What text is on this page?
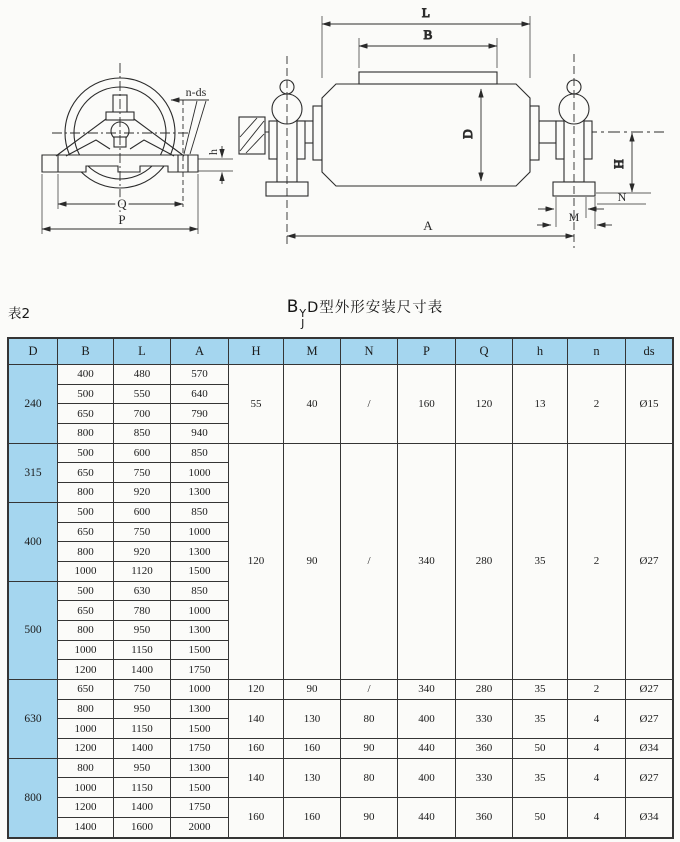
n-ds
h
Q
P
L
B
D
H
N
M
A
表2	B Y
J
D型外形安装尺寸表
D	B	L	A	H	M	N	P	Q	h	n	ds
240	400	480	570	55	40	/	160	120	13	2	Ø15
	500	550	640								
	650	700	790								
	800	850	940								
315	500	600	850	120	90	/	340	280	35	2	Ø27
	650	750	1000								
	800	920	1300								
400	500	600	850								
	650	750	1000								
	800	920	1300								
	1000	1120	1500								
500	500	630	850								
	650	780	1000								
	800	950	1300								
	1000	1150	1500								
	1200	1400	1750								
630	650	750	1000	120	90	/	340	280	35	2	Ø27
	800	950	1300	140	130	80	400	330	35	4	Ø27
	1000	1150	1500								
	1200	1400	1750	160	160	90	440	360	50	4	Ø34
800	800	950	1300	140	130	80	400	330	35	4	Ø27
	1000	1150	1500								
	1200	1400	1750	160	160	90	440	360	50	4	Ø34
	1400	1600	2000								
